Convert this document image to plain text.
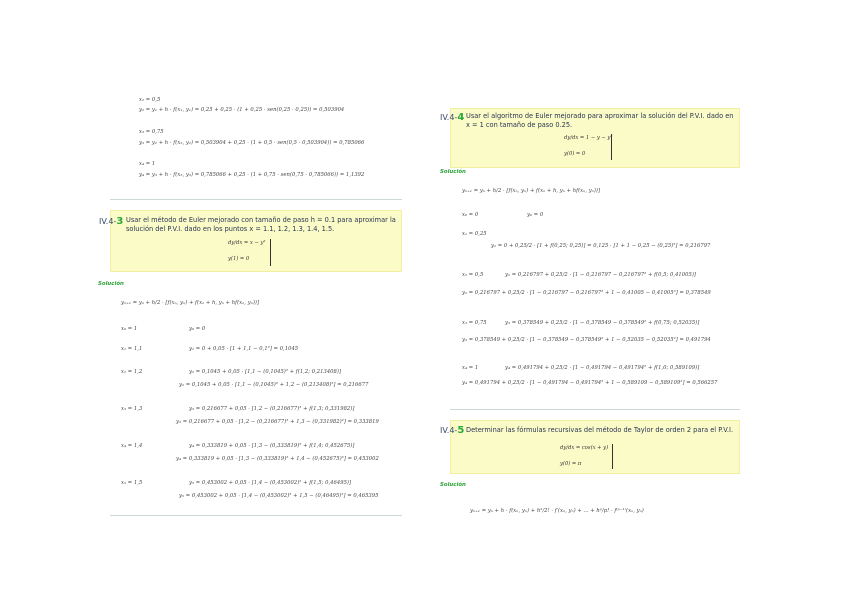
x₂ = 0,5
y₂ = y₁ + h · f(x₁, y₁) = 0,25 + 0,25 · (1 + 0,25 · sen(0,25 · 0,25)) = 0,503904
x₃ = 0,75
y₃ = y₂ + h · f(x₂, y₂) = 0,503904 + 0,25 · (1 + 0,5 · sen(0,5 · 0,503904)) = 0,785066
x₄ = 1
y₄ = y₃ + h · f(x₃, y₃) = 0,785066 + 0,25 · (1 + 0,75 · sen(0,75 · 0,785066)) = 1,1392
IV.4-3 Usar el método de Euler mejorado con tamaño de paso h = 0.1 para aproximar la solución del P.V.I. dado en los puntos x = 1.1, 1.2, 1.3, 1.4, 1.5.
dy/dx = x − y²
y(1) = 0
Solución
yₙ₊₁ = yₙ + h/2 · [f(xₙ, yₙ) + f(xₙ + h, yₙ + hf(xₙ, yₙ))]
x₀ = 1	y₀ = 0
x₁ = 1,1	y₁ = 0 + 0,05 · [1 + 1,1 − 0,1²] = 0,1045
x₂ = 1,2	y₂ = 0,1045 + 0,05 · [1,1 − (0,1045)² + f(1,2; 0,213408)]
y₂ = 0,1045 + 0,05 · [1,1 − (0,1045)² + 1,2 − (0,213408)²] = 0,216677
x₃ = 1,3	y₃ = 0,216677 + 0,05 · [1,2 − (0,216677)² + f(1,3; 0,331982)]
y₃ = 0,216677 + 0,05 · [1,2 − (0,216677)² + 1,3 − (0,331982)²] = 0,333819
x₄ = 1,4	y₄ = 0,333819 + 0,05 · [1,3 − (0,333819)² + f(1,4; 0,452675)]
y₄ = 0,333819 + 0,05 · [1,3 − (0,333819)² + 1,4 − (0,452675)²] = 0,453002
x₅ = 1,5	y₅ = 0,453002 + 0,05 · [1,4 − (0,453002)² + f(1,5; 0,46495)]
y₅ = 0,453002 + 0,05 · [1,4 − (0,453002)² + 1,5 − (0,46495)²] = 0,465395
IV.4-4 Usar el algoritmo de Euler mejorado para aproximar la solución del P.V.I. dado en x = 1 con tamaño de paso 0.25.
dy/dx = 1 − y − y²
y(0) = 0
Solución
yₙ₊₁ = yₙ + h/2 · [f(xₙ, yₙ) + f(xₙ + h, yₙ + hf(xₙ, yₙ))]
x₀ = 0	y₀ = 0
x₁ = 0,25
y₁ = 0 + 0,25/2 · [1 + f(0,25; 0,25)] = 0,125 · [1 + 1 − 0,25 − (0,25)²] = 0,216797
x₂ = 0,5	y₂ = 0,216797 + 0,25/2 · [1 − 0,216797 − 0,216797² + f(0,5; 0,41005)]
y₂ = 0,216797 + 0,25/2 · [1 − 0,216797 − 0,216797² + 1 − 0,41005 − 0,41005²] = 0,378549
x₃ = 0,75	y₃ = 0,378549 + 0,25/2 · [1 − 0,378549 − 0,378549² + f(0,75; 0,52035)]
y₃ = 0,378549 + 0,25/2 · [1 − 0,378549 − 0,378549² + 1 − 0,52035 − 0,52035²] = 0,491794
x₄ = 1	y₄ = 0,491794 + 0,25/2 · [1 − 0,491794 − 0,491794² + f(1,0; 0,589109)]
y₄ = 0,491794 + 0,25/2 · [1 − 0,491794 − 0,491794² + 1 − 0,589109 − 0,589109²] = 0,566257
IV.4-5 Determinar las fórmulas recursivas del método de Taylor de orden 2 para el P.V.I.
dy/dx = cos(x + y)
y(0) = π
Solución
yₙ₊₁ = yₙ + h · f(xₙ, yₙ) + h²/2! · f′(xₙ, yₙ) + ... + hᵖ/p! · f⁽ᵖ⁻¹⁾(xₙ, yₙ)
